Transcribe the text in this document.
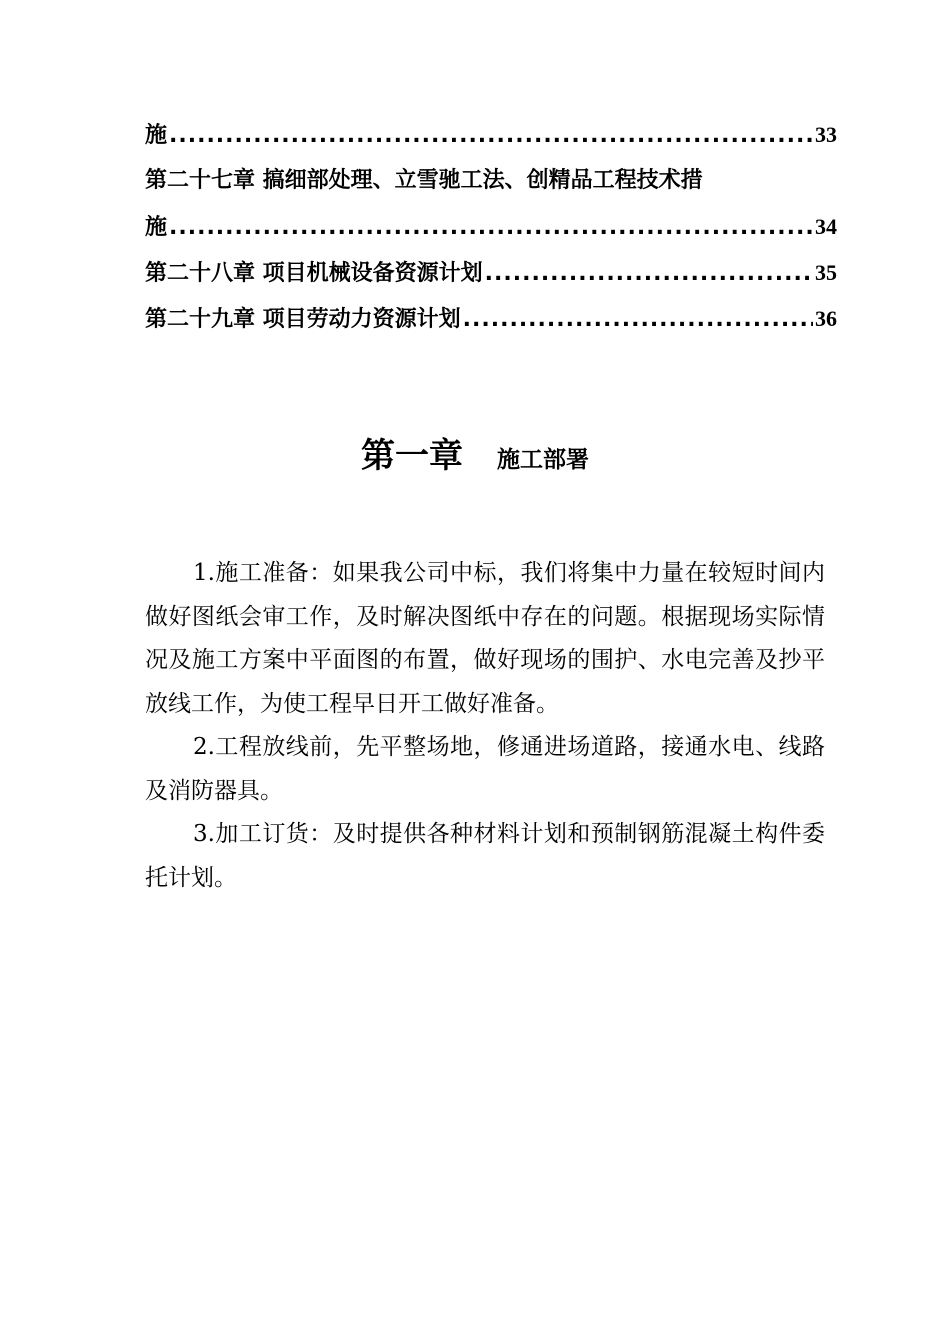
施 .....	33
第二十七章 搞细部处理、立雪驰工法、创精品工程技术措
施 .....	34
第二十八章 项目机械设备资源计划 .....	35
第二十九章 项目劳动力资源计划 .....	36
第一章 施工部署

1.施工准备：如果我公司中标，我们将集中力量在较短时间内做好图纸会审工作，及时解决图纸中存在的问题。根据现场实际情况及施工方案中平面图的布置，做好现场的围护、水电完善及抄平放线工作，为使工程早日开工做好准备。

2.工程放线前，先平整场地，修通进场道路，接通水电、线路及消防器具。

3.加工订货：及时提供各种材料计划和预制钢筋混凝土构件委托计划。
